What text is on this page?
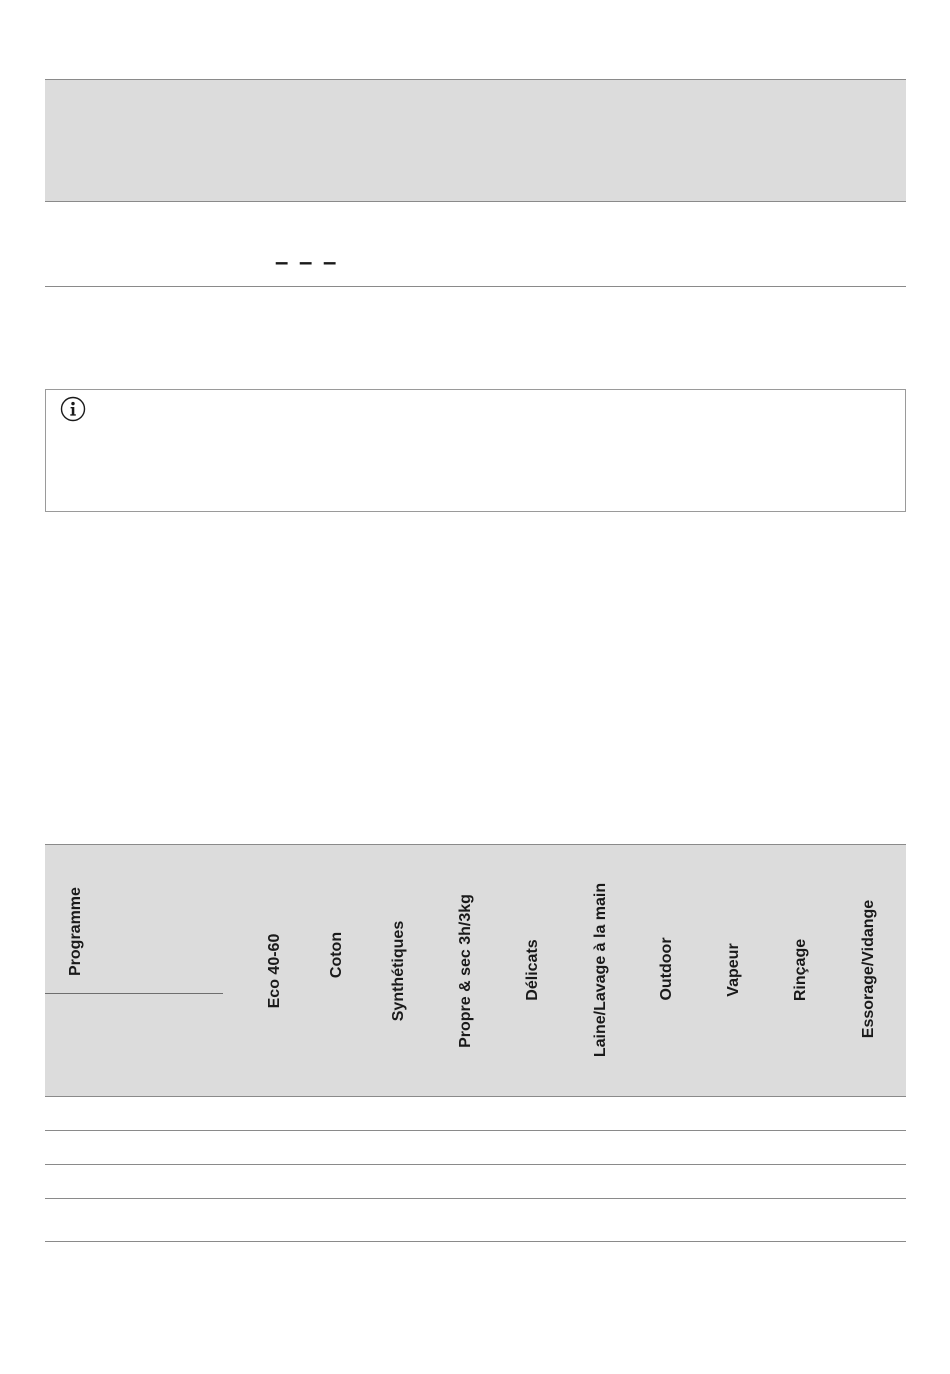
– – –
Programme	Eco 40-60	Coton	Synthétiques	Propre & sec 3h/3kg	Délicats	Laine/Lavage à la main	Outdoor	Vapeur	Rinçage	Essorage/Vidange
